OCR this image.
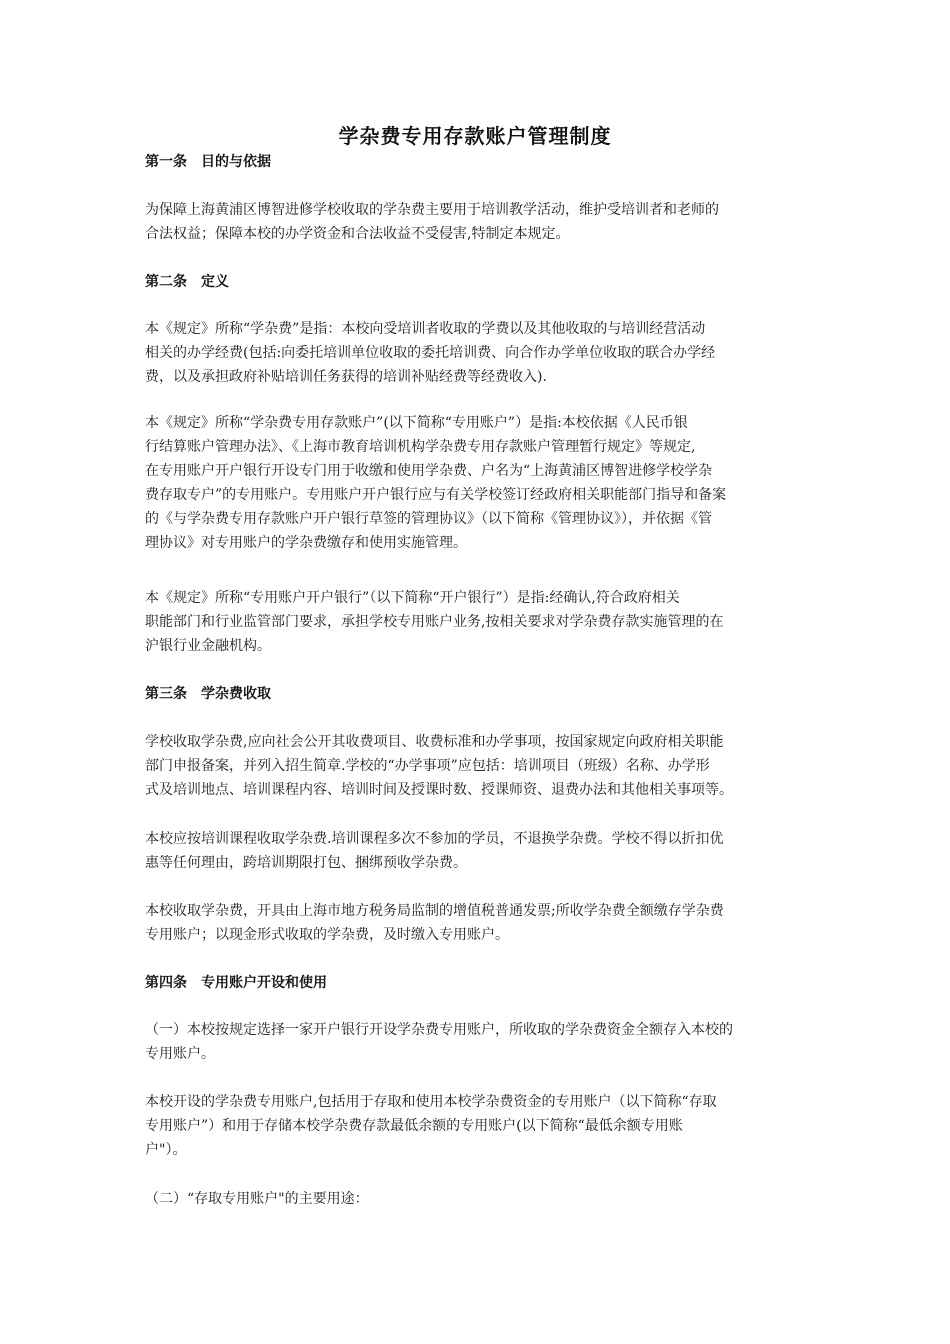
学杂费专用存款账户管理制度
第一条　目的与依据

为保障上海黄浦区博智进修学校收取的学杂费主要用于培训教学活动，维护受培训者和老师的
合法权益；保障本校的办学资金和合法收益不受侵害,特制定本规定。

第二条　定义

本《规定》所称“学杂费”是指：本校向受培训者收取的学费以及其他收取的与培训经营活动
相关的办学经费(包括:向委托培训单位收取的委托培训费、向合作办学单位收取的联合办学经
费，以及承担政府补贴培训任务获得的培训补贴经费等经费收入).

本《规定》所称“学杂费专用存款账户”(以下简称“专用账户”）是指:本校依据《人民币银
行结算账户管理办法》、《上海市教育培训机构学杂费专用存款账户管理暂行规定》等规定,
在专用账户开户银行开设专门用于收缴和使用学杂费、户名为“上海黄浦区博智进修学校学杂
费存取专户”的专用账户。专用账户开户银行应与有关学校签订经政府相关职能部门指导和备案
的《与学杂费专用存款账户开户银行草签的管理协议》（以下简称《管理协议》），并依据《管
理协议》对专用账户的学杂费缴存和使用实施管理。

本《规定》所称“专用账户开户银行”（以下简称“开户银行”）是指:经确认,符合政府相关
职能部门和行业监管部门要求，承担学校专用账户业务,按相关要求对学杂费存款实施管理的在
沪银行业金融机构。

第三条　学杂费收取

学校收取学杂费,应向社会公开其收费项目、收费标准和办学事项，按国家规定向政府相关职能
部门申报备案，并列入招生简章.学校的“办学事项”应包括：培训项目（班级）名称、办学形
式及培训地点、培训课程内容、培训时间及授课时数、授课师资、退费办法和其他相关事项等。

本校应按培训课程收取学杂费.培训课程多次不参加的学员，不退换学杂费。学校不得以折扣优
惠等任何理由，跨培训期限打包、捆绑预收学杂费。

本校收取学杂费，开具由上海市地方税务局监制的增值税普通发票;所收学杂费全额缴存学杂费
专用账户；以现金形式收取的学杂费，及时缴入专用账户。

第四条　专用账户开设和使用

（一）本校按规定选择一家开户银行开设学杂费专用账户，所收取的学杂费资金全额存入本校的
专用账户。

本校开设的学杂费专用账户,包括用于存取和使用本校学杂费资金的专用账户（以下简称“存取
专用账户”）和用于存储本校学杂费存款最低余额的专用账户(以下简称“最低余额专用账
户"）。

（二）“存取专用账户"的主要用途：
